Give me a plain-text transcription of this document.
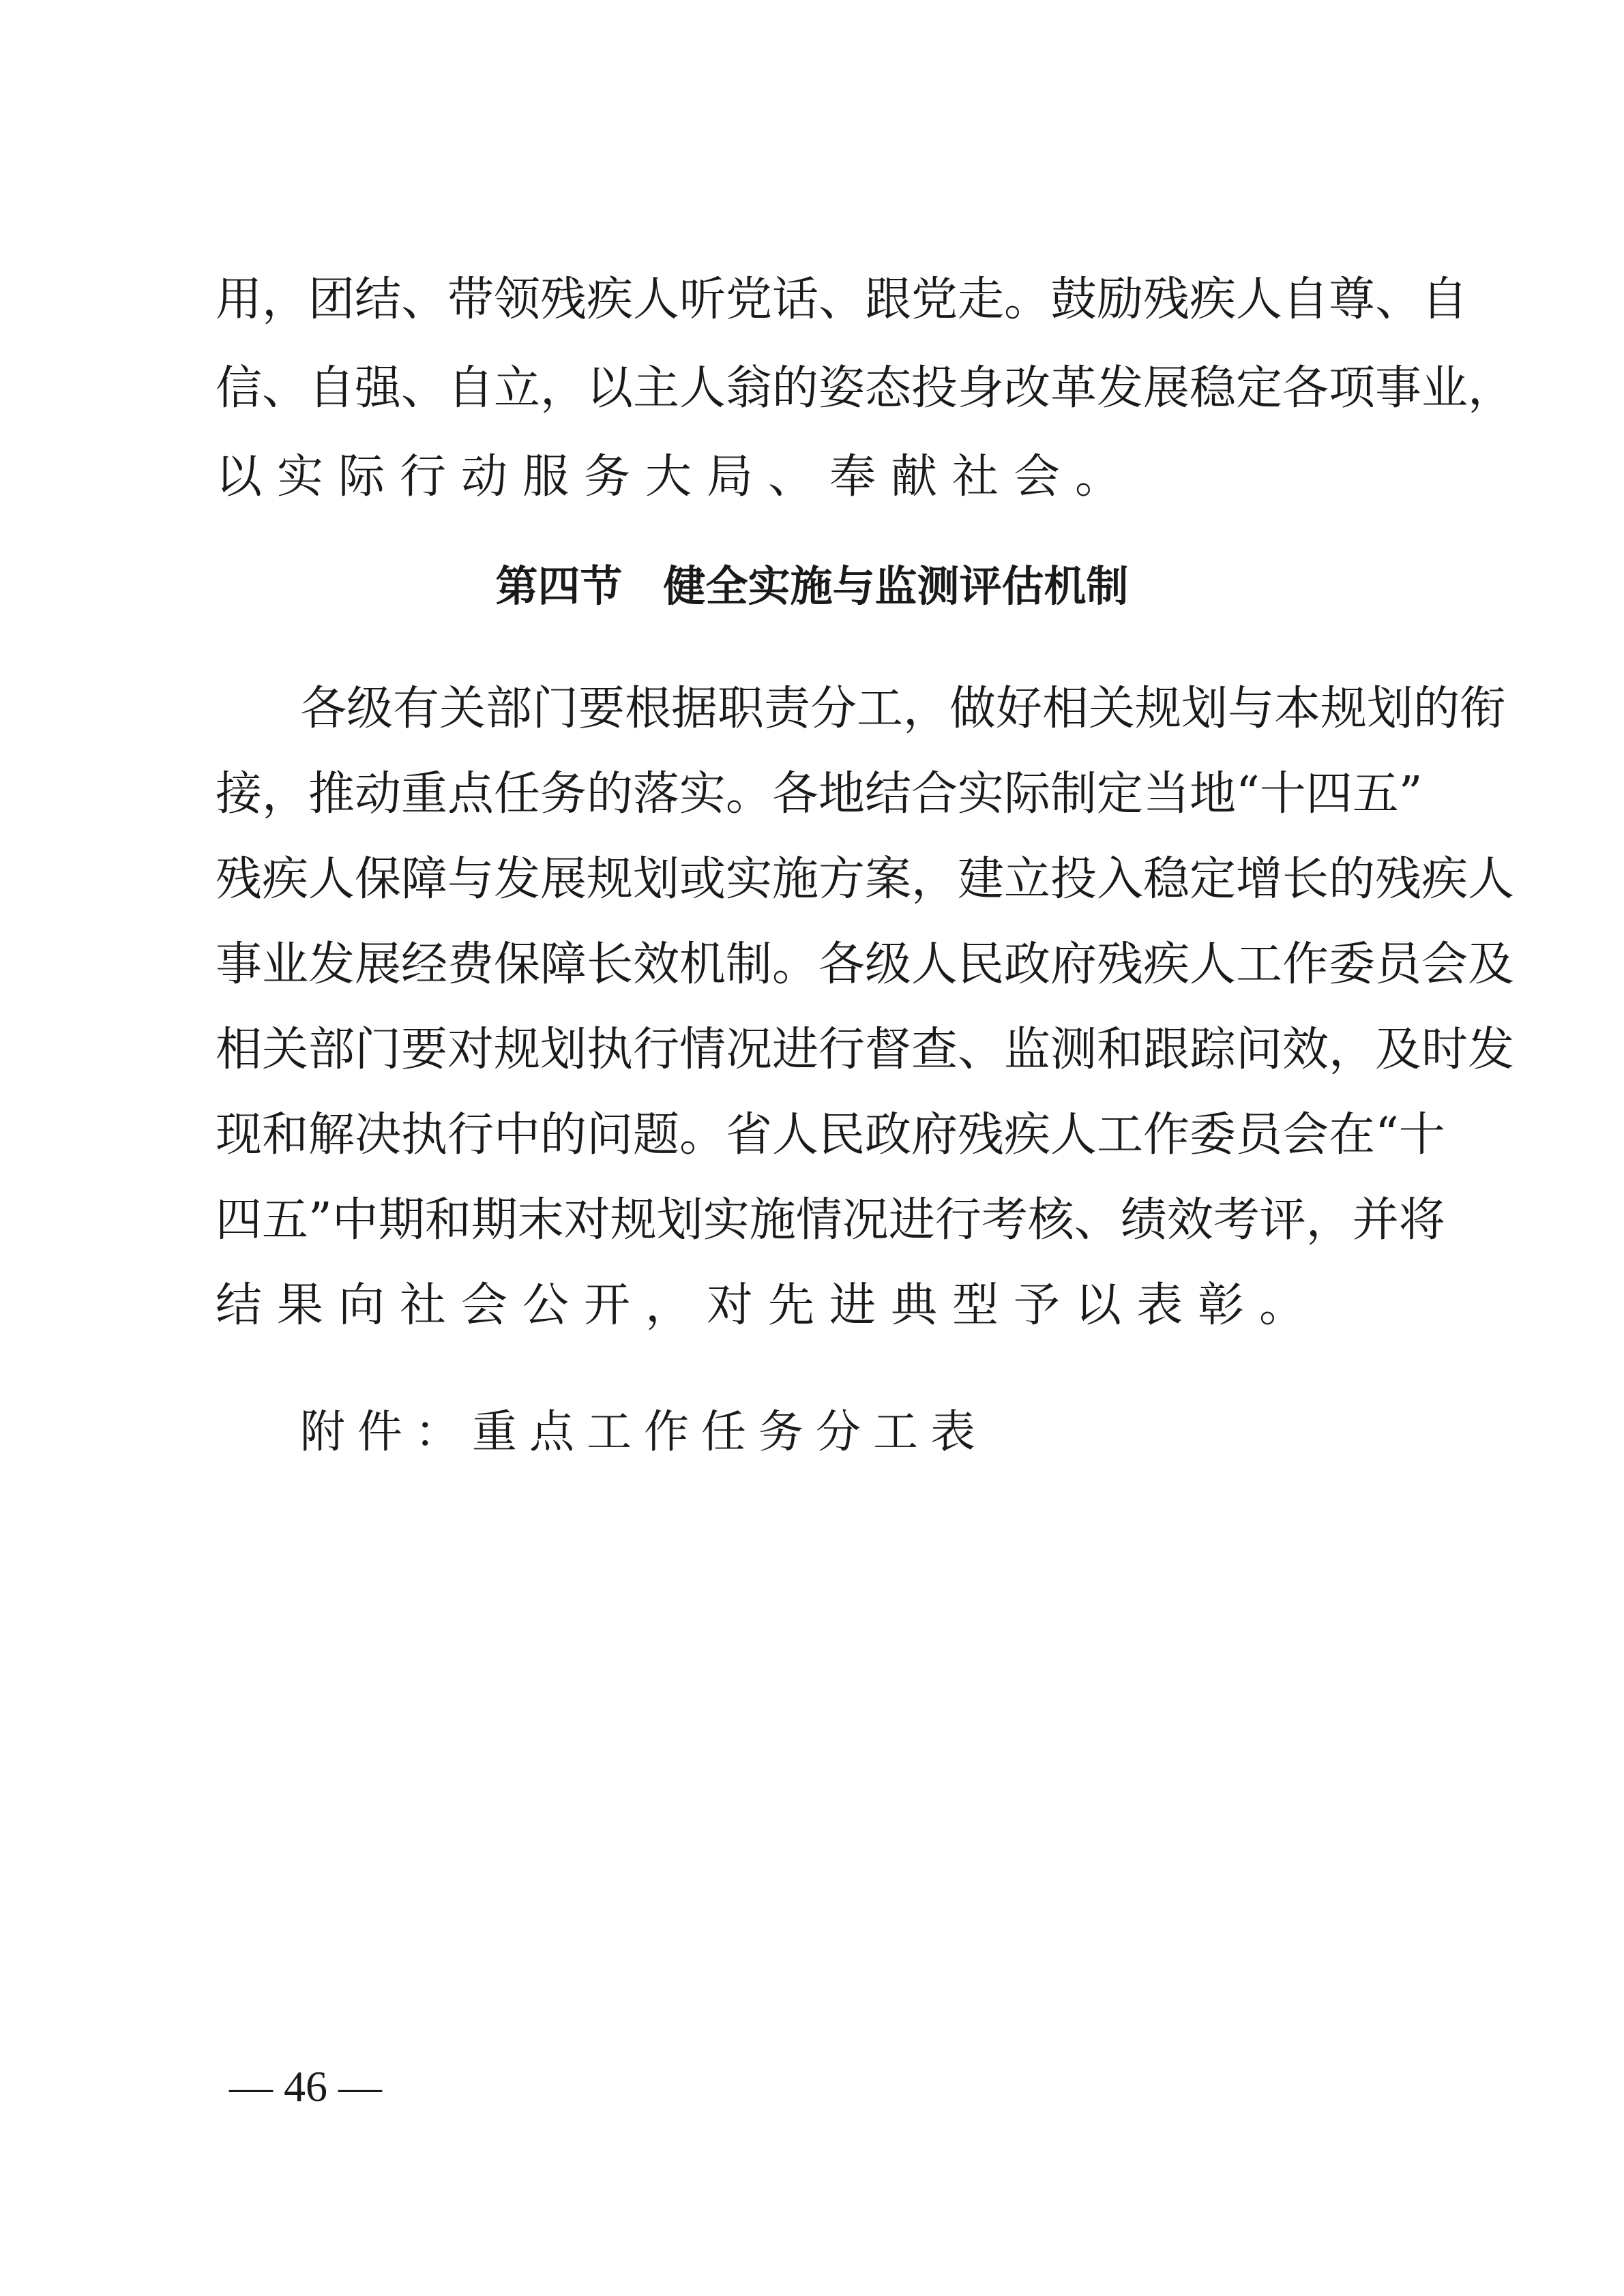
用，团结、带领残疾人听党话、跟党走。鼓励残疾人自尊、自
信、自强、自立，以主人翁的姿态投身改革发展稳定各项事业，
以实际行动服务大局、奉献社会。
第四节 健全实施与监测评估机制
各级有关部门要根据职责分工，做好相关规划与本规划的衔
接，推动重点任务的落实。各地结合实际制定当地“十四五”
残疾人保障与发展规划或实施方案，建立投入稳定增长的残疾人
事业发展经费保障长效机制。各级人民政府残疾人工作委员会及
相关部门要对规划执行情况进行督查、监测和跟踪问效，及时发
现和解决执行中的问题。省人民政府残疾人工作委员会在“十
四五”中期和期末对规划实施情况进行考核、绩效考评，并将
结果向社会公开，对先进典型予以表彰。
附件：重点工作任务分工表
— 46 —
